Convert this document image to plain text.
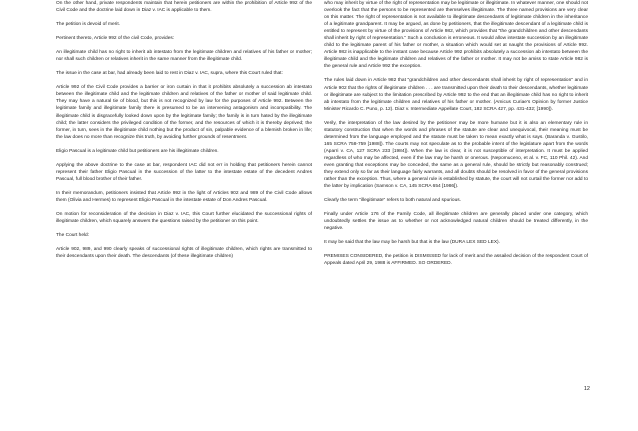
On the other hand, private respondents maintain that herein petitioners are within the prohibition of Article 992 of the Civil Code and the doctrine laid down in Diaz v. IAC is applicable to them.

The petition is devoid of merit.

Pertinent thereto, Article 992 of the civil Code, provides:

An illegitimate child has no right to inherit ab intestato from the legitimate children and relatives of his father or mother; nor shall such children or relatives inherit in the same manner from the illegitimate child.

The issue in the case at bar, had already been laid to rest in Diaz v. IAC, supra, where this Court ruled that:

Article 992 of the Civil Code provides a barrier or iron curtain in that it prohibits absolutely a succession ab intestato between the illegitimate child and the legitimate children and relatives of the father or mother of said legitimate child. They may have a natural tie of blood, but this is not recognized by law for the purposes of Article 992. Between the legitimate family and illegitimate family there is presumed to be an intervening antagonism and incompatibility. The illegitimate child is disgracefully looked down upon by the legitimate family; the family is in turn hated by the illegitimate child; the latter considers the privileged condition of the former, and the resources of which it is thereby deprived; the former, in turn, sees in the illegitimate child nothing but the product of sin, palpable evidence of a blemish broken in life; the law does no more than recognize this truth, by avoiding further grounds of resentment.

Eligio Pascual is a legitimate child but petitioners are his illegitimate children.

Applying the above doctrine to the case at bar, respondent IAC did not err in holding that petitioners herein cannot represent their father Eligio Pascual in the succession of the latter to the intestate estate of the decedent Andres Pascual, full blood brother of their father.

In their memorandum, petitioners insisted that Article 992 in the light of Articles 902 and 989 of the Civil Code allows them (Olivia and Hermes) to represent Eligio Pascual in the intestate estate of Don Andres Pascual.

On motion for reconsideration of the decision in Diaz v. IAC, this Court further elucidated the successional rights of illegitimate children, which squarely answers the questions raised by the petitioner on this point.

The Court held:

Article 902, 989, and 990 clearly speaks of successional rights of illegitimate children, which rights are transmitted to their descendants upon their death. The descendants (of these illegitimate children)

who may inherit by virtue of the right of representation may be legitimate or illegitimate. In whatever manner, one should not overlook the fact that the persons to be represented are themselves illegitimate. The three named provisions are very clear on this matter. The right of representation is not available to illegitimate descendants of legitimate children in the inheritance of a legitimate grandparent. It may be argued, as done by petitioners, that the illegitimate descendant of a legitimate child is entitled to represent by virtue of the provisions of Article 982, which provides that "the grandchildren and other descendants shall inherit by right of representation." Such a conclusion is erroneous. It would allow intestate succession by an illegitimate child to the legitimate parent of his father or mother, a situation which would set at naught the provisions of Article 992. Article 982 is inapplicable to the instant case because Article 992 prohibits absolutely a succession ab intestato between the illegitimate child and the legitimate children and relatives of the father or mother. It may not be amiss to state Article 982 is the general rule and Article 992 the exception.

The rules laid down in Article 982 that "grandchildren and other descendants shall inherit by right of representation" and in Article 902 that the rights of illegitimate children . . . are transmitted upon their death to their descendants, whether legitimate or illegitimate are subject to the limitation prescribed by Article 992 to the end that an illegitimate child has no right to inherit ab intestato from the legitimate children and relatives of his father or mother. (Amicus Curiae's Opinion by former Justice Minister Ricardo C. Puno, p. 12). Diaz v. Intermediate Appellate Court, 182 SCRA 427, pp. 431-432; [1990]).

Verily, the interpretation of the law desired by the petitioner may be more humane but it is also an elementary rule in statutory construction that when the words and phrases of the statute are clear and unequivocal, their meaning must be determined from the language employed and the statute must be taken to mean exactly what is says. (Baranda v. Gustilo, 165 SCRA 758-759 [1988]). The courts may not speculate as to the probable intent of the legislature apart from the words (Aparri v. CA, 127 SCRA 233 [1984]). When the law is clear, it is not susceptible of interpretation. It must be applied regardless of who may be affected, even if the law may be harsh or onerous. (Nepomuceno, et al. v. FC, 110 Phil. 42). And even granting that exceptions may be conceded, the same as a general rule, should be strictly but reasonably construed; they extend only so far as their language fairly warrants, and all doubts should be resolved in favor of the general provisions rather than the exception. Thus, where a general rule is established by statute, the court will not curtail the former nor add to the latter by implication (Samson v. CA, 145 SCRA 654 [1986]).

Clearly the term "illegitimate" refers to both natural and spurious.

Finally under Article 176 of the Family Code, all illegitimate children are generally placed under one category, which undoubtedly settles the issue as to whether or not acknowledged natural children should be treated differently, in the negative.

It may be said that the law may be harsh but that is the law (DURA LEX SED LEX).

PREMISES CONSIDERED, the petition is DISMISSED for lack of merit and the assailed decision of the respondent Court of Appeals dated April 29, 1988 is AFFIRMED. SO ORDERED.

12
